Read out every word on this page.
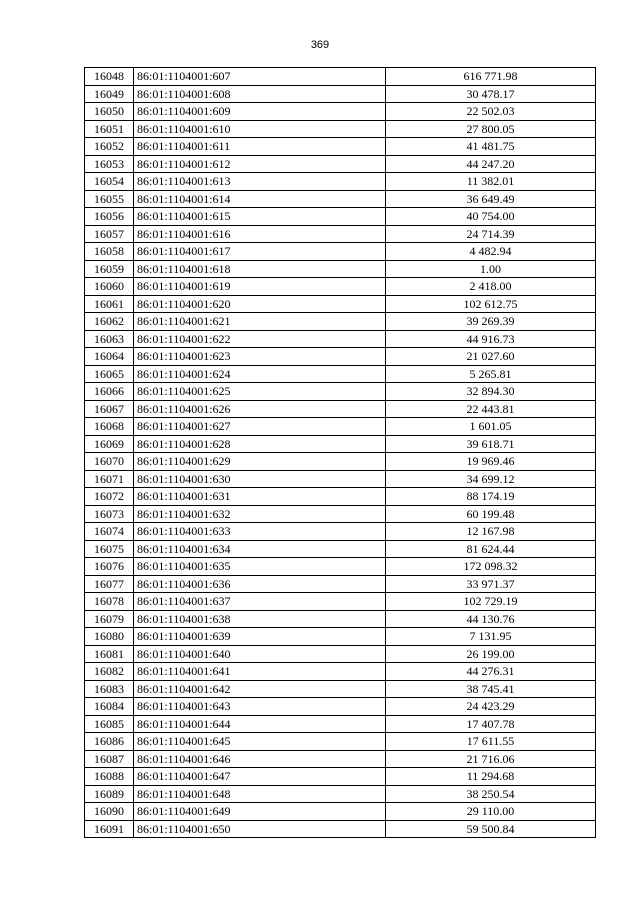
369
16048	86:01:1104001:607	616 771.98
16049	86:01:1104001:608	30 478.17
16050	86:01:1104001:609	22 502.03
16051	86:01:1104001:610	27 800.05
16052	86:01:1104001:611	41 481.75
16053	86:01:1104001:612	44 247.20
16054	86:01:1104001:613	11 382.01
16055	86:01:1104001:614	36 649.49
16056	86:01:1104001:615	40 754.00
16057	86:01:1104001:616	24 714.39
16058	86:01:1104001:617	4 482.94
16059	86:01:1104001:618	1.00
16060	86:01:1104001:619	2 418.00
16061	86:01:1104001:620	102 612.75
16062	86:01:1104001:621	39 269.39
16063	86:01:1104001:622	44 916.73
16064	86:01:1104001:623	21 027.60
16065	86:01:1104001:624	5 265.81
16066	86:01:1104001:625	32 894.30
16067	86:01:1104001:626	22 443.81
16068	86:01:1104001:627	1 601.05
16069	86:01:1104001:628	39 618.71
16070	86:01:1104001:629	19 969.46
16071	86:01:1104001:630	34 699.12
16072	86:01:1104001:631	88 174.19
16073	86:01:1104001:632	60 199.48
16074	86:01:1104001:633	12 167.98
16075	86:01:1104001:634	81 624.44
16076	86:01:1104001:635	172 098.32
16077	86:01:1104001:636	33 971.37
16078	86:01:1104001:637	102 729.19
16079	86:01:1104001:638	44 130.76
16080	86:01:1104001:639	7 131.95
16081	86:01:1104001:640	26 199.00
16082	86:01:1104001:641	44 276.31
16083	86:01:1104001:642	38 745.41
16084	86:01:1104001:643	24 423.29
16085	86:01:1104001:644	17 407.78
16086	86:01:1104001:645	17 611.55
16087	86:01:1104001:646	21 716.06
16088	86:01:1104001:647	11 294.68
16089	86:01:1104001:648	38 250.54
16090	86:01:1104001:649	29 110.00
16091	86:01:1104001:650	59 500.84
